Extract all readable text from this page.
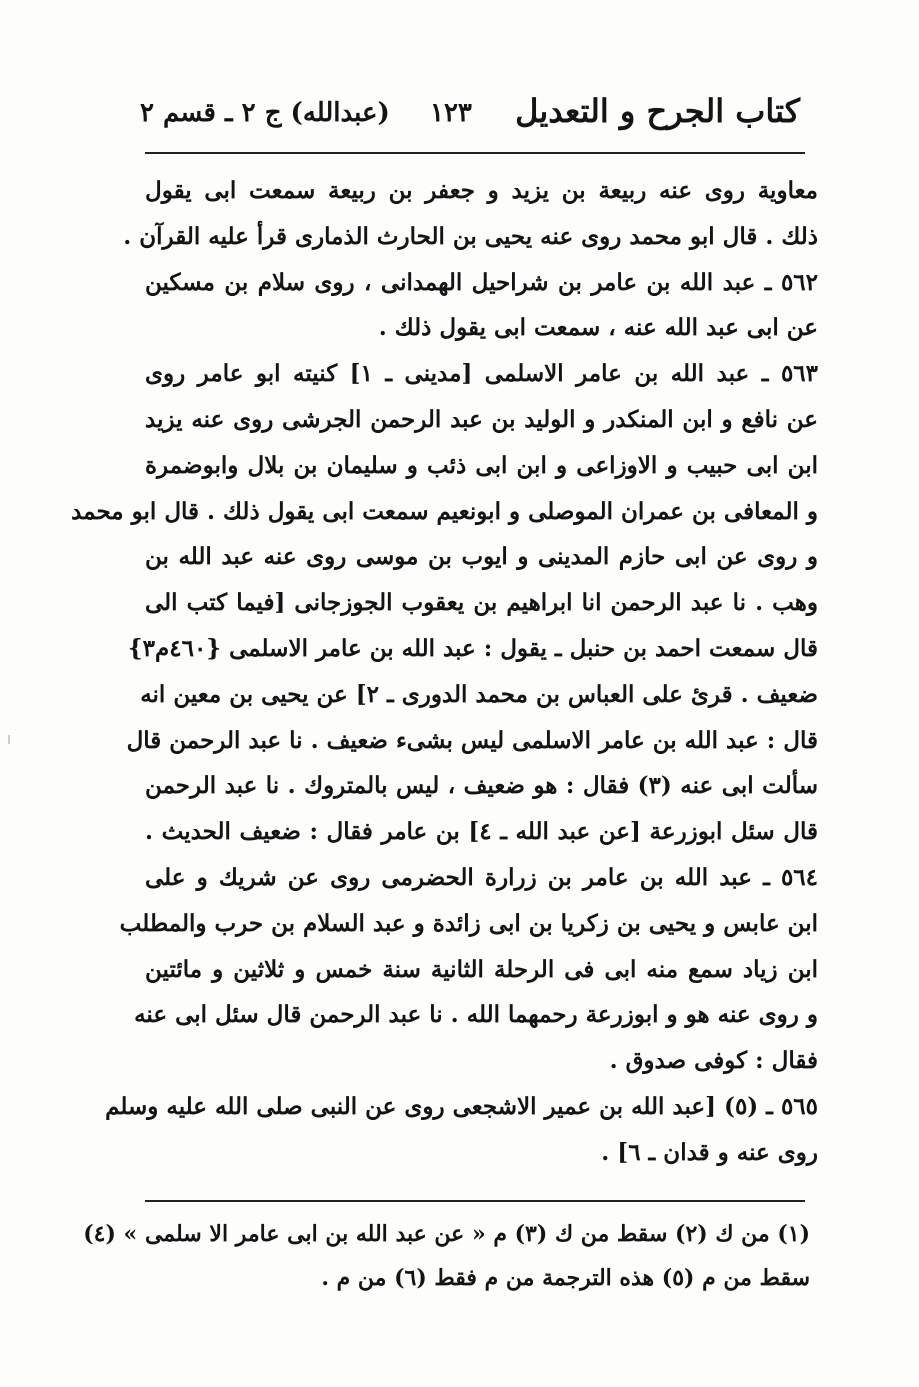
كتاب الجرح و التعديل
١٢٣
(عبدالله) ج ٢ ـ قسم ٢
معاوية روى عنه ربيعة بن يزيد و جعفر بن ربيعة سمعت ابى يقول
ذلك . قال ابو محمد روى عنه يحيى بن الحارث الذمارى قرأ عليه القرآن .
٥٦٢ ـ عبد الله بن عامر بن شراحيل الهمدانى ، روى سلام بن مسكين
عن ابى عبد الله عنه ، سمعت ابى يقول ذلك .
٥٦٣ ـ عبد الله بن عامر الاسلمى [مدينى ـ ١] كنيته ابو عامر روى
عن نافع و ابن المنكدر و الوليد بن عبد الرحمن الجرشى روى عنه يزيد
ابن ابى حبيب و الاوزاعى و ابن ابى ذئب و سليمان بن بلال وابوضمرة
و المعافى بن عمران الموصلى و ابونعيم سمعت ابى يقول ذلك . قال ابو محمد
و روى عن ابى حازم المدينى و ايوب بن موسى روى عنه عبد الله بن
وهب . نا عبد الرحمن انا ابراهيم بن يعقوب الجوزجانى [فيما كتب الى
قال سمعت احمد بن حنبل ـ يقول : عبد الله بن عامر الاسلمى {٤٦٠م٣}
ضعيف . قرئ على العباس بن محمد الدورى ـ ٢] عن يحيى بن معين انه
قال : عبد الله بن عامر الاسلمى ليس بشىء ضعيف . نا عبد الرحمن قال
سألت ابى عنه (٣) فقال : هو ضعيف ، ليس بالمتروك . نا عبد الرحمن
قال سئل ابوزرعة [عن عبد الله ـ ٤] بن عامر فقال : ضعيف الحديث .
٥٦٤ ـ عبد الله بن عامر بن زرارة الحضرمى روى عن شريك و على
ابن عابس و يحيى بن زكريا بن ابى زائدة و عبد السلام بن حرب والمطلب
ابن زياد سمع منه ابى فى الرحلة الثانية سنة خمس و ثلاثين و مائتين
و روى عنه هو و ابوزرعة رحمهما الله . نا عبد الرحمن قال سئل ابى عنه
فقال : كوفى صدوق .
٥٦٥ ـ (٥) [عبد الله بن عمير الاشجعى روى عن النبى صلى الله عليه وسلم
روى عنه و قدان ـ ٦] .
(١) من ك (٢) سقط من ك (٣) م « عن عبد الله بن ابى عامر الا سلمى » (٤)
سقط من م (٥) هذه الترجمة من م فقط (٦) من م .
